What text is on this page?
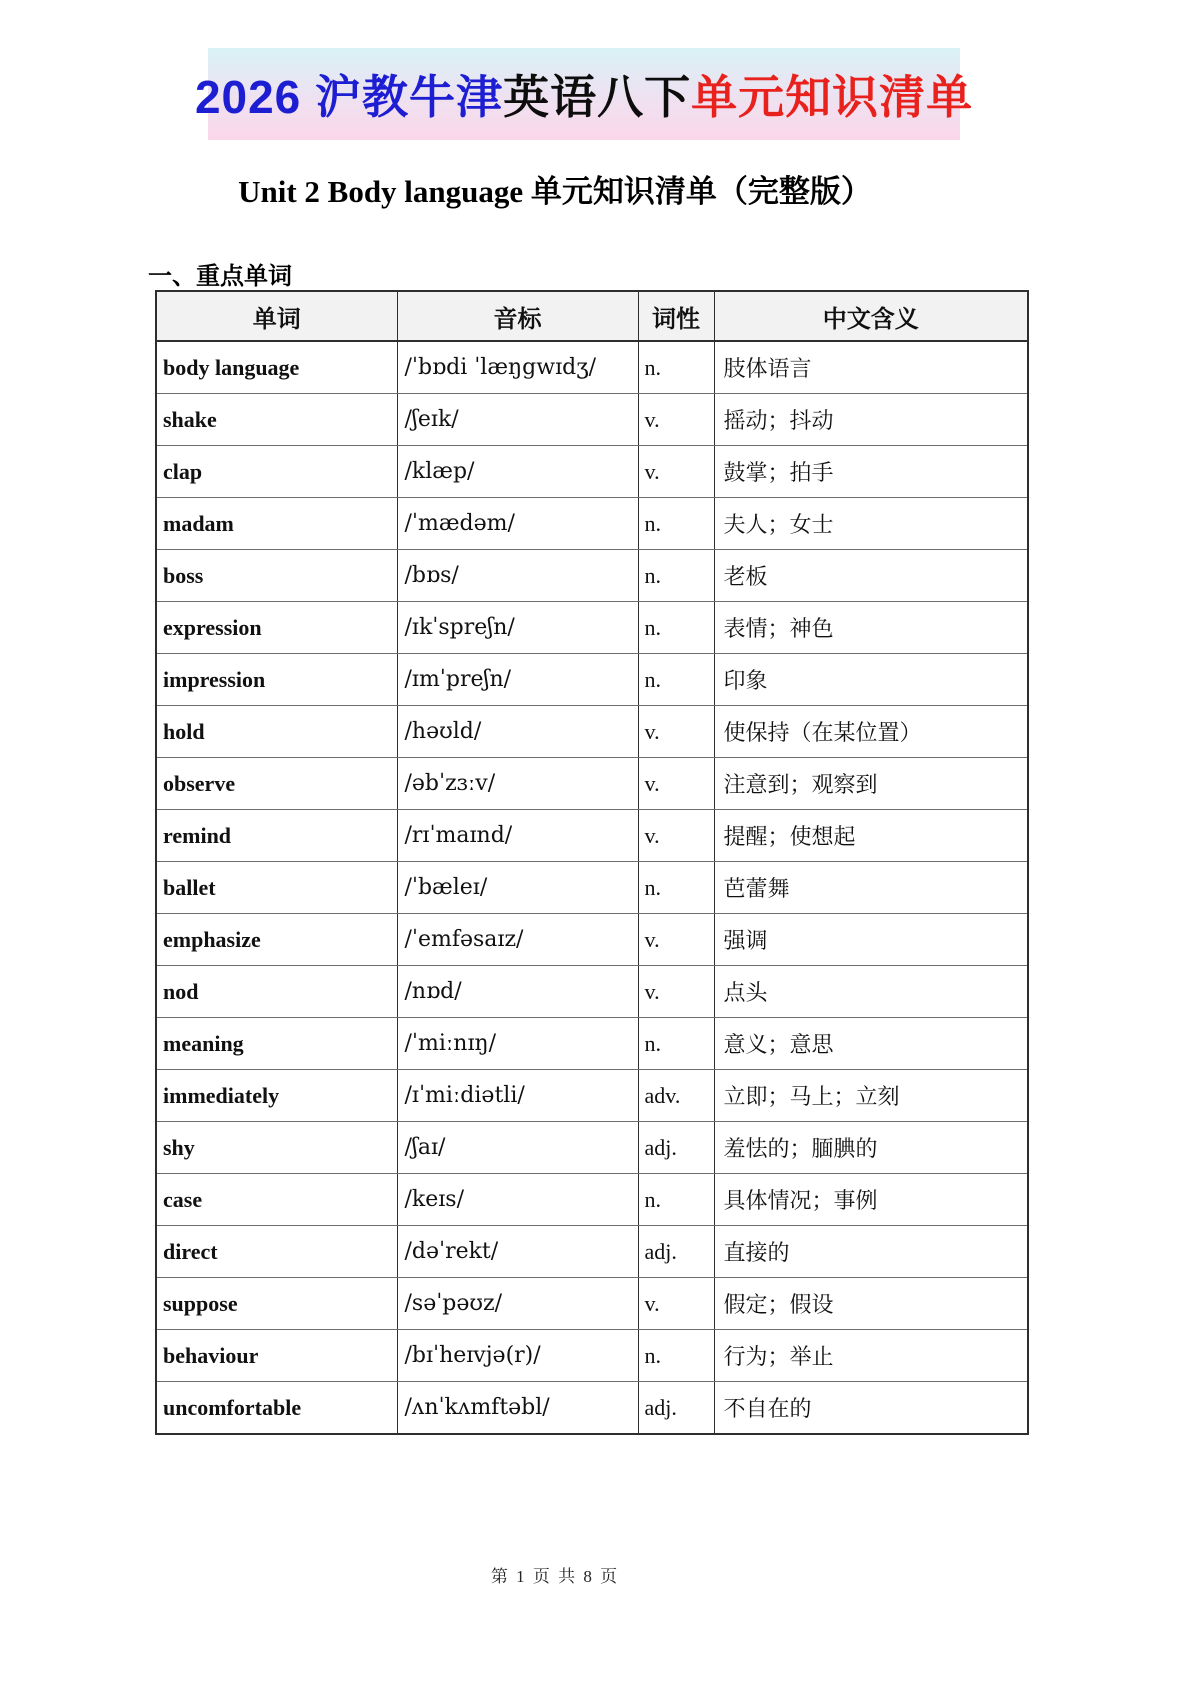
2026 沪教牛津 英语八下 单元知识清单
Unit 2 Body language 单元知识清单（完整版）
一、重点单词
单词	音标	词性	中文含义
body language	/ˈbɒdi ˈlæŋgwɪdʒ/	n.	肢体语言
shake	/ʃeɪk/	v.	摇动；抖动
clap	/klæp/	v.	鼓掌；拍手
madam	/ˈmædəm/	n.	夫人；女士
boss	/bɒs/	n.	老板
expression	/ɪkˈspreʃn/	n.	表情；神色
impression	/ɪmˈpreʃn/	n.	印象
hold	/həʊld/	v.	使保持（在某位置）
observe	/əbˈzɜːv/	v.	注意到；观察到
remind	/rɪˈmaɪnd/	v.	提醒；使想起
ballet	/ˈbæleɪ/	n.	芭蕾舞
emphasize	/ˈemfəsaɪz/	v.	强调
nod	/nɒd/	v.	点头
meaning	/ˈmiːnɪŋ/	n.	意义；意思
immediately	/ɪˈmiːdiətli/	adv.	立即；马上；立刻
shy	/ʃaɪ/	adj.	羞怯的；腼腆的
case	/keɪs/	n.	具体情况；事例
direct	/dəˈrekt/	adj.	直接的
suppose	/səˈpəʊz/	v.	假定；假设
behaviour	/bɪˈheɪvjə(r)/	n.	行为；举止
uncomfortable	/ʌnˈkʌmftəbl/	adj.	不自在的
第 1 页 共 8 页
